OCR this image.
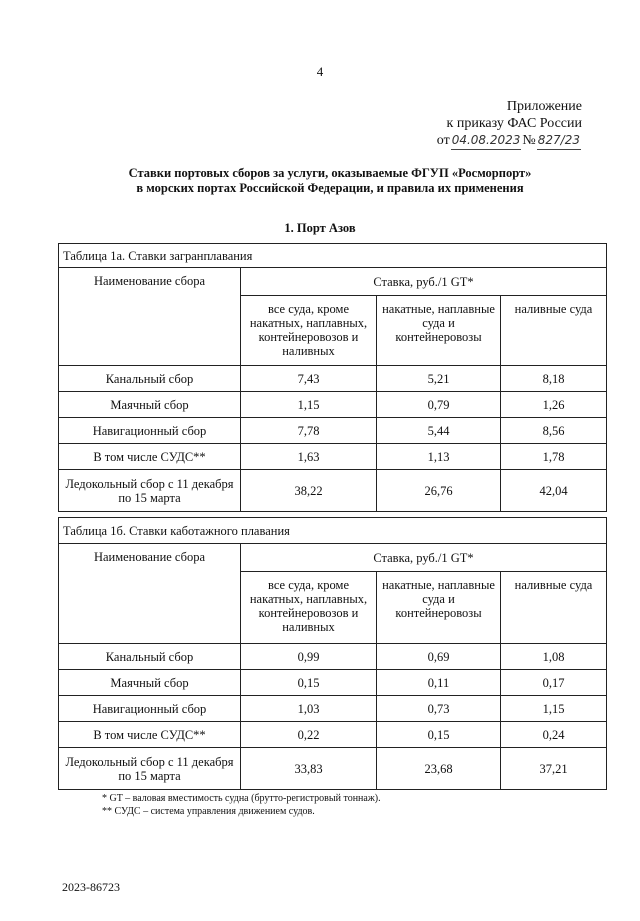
4
Приложение
к приказу ФАС России
от 04.08.2023 № 827/23
Ставки портовых сборов за услуги, оказываемые ФГУП «Росморпорт»
в морских портах Российской Федерации, и правила их применения
1. Порт Азов
Таблица 1а. Ставки загранплавания			
Наименование сбора	Ставка, руб./1 GT*		
	все суда, кроме накатных, наплавных, контейнеровозов и наливных	накатные, наплавные суда и контейнеровозы	наливные суда
Канальный сбор	7,43	5,21	8,18
Маячный сбор	1,15	0,79	1,26
Навигационный сбор	7,78	5,44	8,56
В том числе СУДС**	1,63	1,13	1,78
Ледокольный сбор с 11 декабря по 15 марта	38,22	26,76	42,04
Таблица 1б. Ставки каботажного плавания			
Наименование сбора	Ставка, руб./1 GT*		
	все суда, кроме накатных, наплавных, контейнеровозов и наливных	накатные, наплавные суда и контейнеровозы	наливные суда
Канальный сбор	0,99	0,69	1,08
Маячный сбор	0,15	0,11	0,17
Навигационный сбор	1,03	0,73	1,15
В том числе СУДС**	0,22	0,15	0,24
Ледокольный сбор с 11 декабря по 15 марта	33,83	23,68	37,21
* GT – валовая вместимость судна (брутто-регистровый тоннаж).
** СУДС – система управления движением судов.
2023-86723
